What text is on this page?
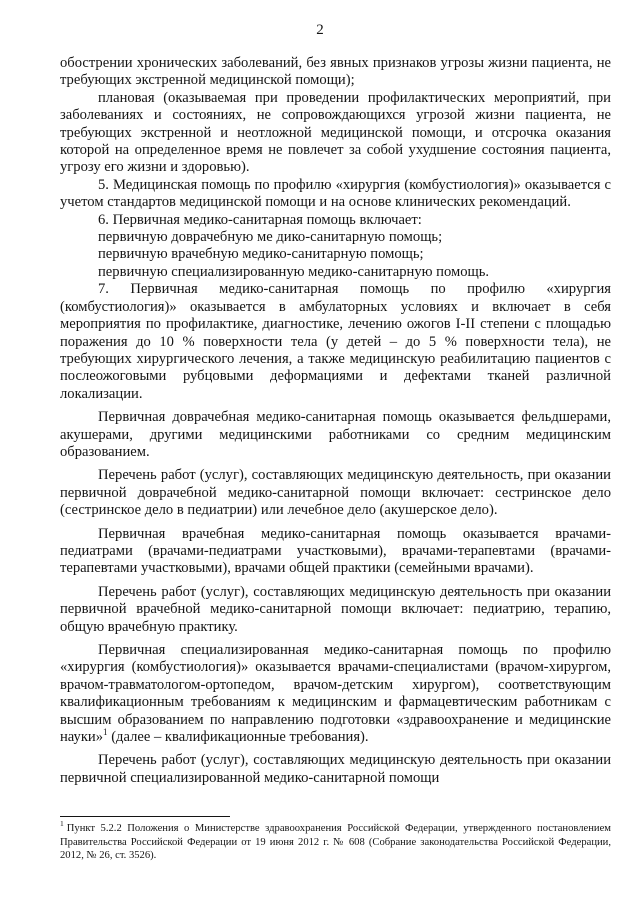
2

обострении хронических заболеваний, без явных признаков угрозы жизни пациента, не требующих экстренной медицинской помощи);

плановая (оказываемая при проведении профилактических мероприятий, при заболеваниях и состояниях, не сопровождающихся угрозой жизни пациента, не требующих экстренной и неотложной медицинской помощи, и отсрочка оказания которой на определенное время не повлечет за собой ухудшение состояния пациента, угрозу его жизни и здоровью).

5. Медицинская помощь по профилю «хирургия (комбустиология)» оказывается с учетом стандартов медицинской помощи и на основе клинических рекомендаций.

6. Первичная медико-санитарная помощь включает:

первичную доврачебную ме дико-санитарную помощь;

первичную врачебную медико-санитарную помощь;

первичную специализированную медико-санитарную помощь.

7. Первичная медико-санитарная помощь по профилю «хирургия (комбустиология)» оказывается в амбулаторных условиях и включает в себя мероприятия по профилактике, диагностике, лечению ожогов I-II степени с площадью поражения до 10 % поверхности тела (у детей – до 5 % поверхности тела), не требующих хирургического лечения, а также медицинскую реабилитацию пациентов с послеожоговыми рубцовыми деформациями и дефектами тканей различной локализации.

Первичная доврачебная медико-санитарная помощь оказывается фельдшерами, акушерами, другими медицинскими работниками со средним медицинским образованием.

Перечень работ (услуг), составляющих медицинскую деятельность, при оказании первичной доврачебной медико-санитарной помощи включает: сестринское дело (сестринское дело в педиатрии) или лечебное дело (акушерское дело).

Первичная врачебная медико-санитарная помощь оказывается врачами-педиатрами (врачами-педиатрами участковыми), врачами-терапевтами (врачами-терапевтами участковыми), врачами общей практики (семейными врачами).

Перечень работ (услуг), составляющих медицинскую деятельность при оказании первичной врачебной медико-санитарной помощи включает: педиатрию, терапию, общую врачебную практику.

Первичная специализированная медико-санитарная помощь по профилю «хирургия (комбустиология)» оказывается врачами-специалистами (врачом-хирургом, врачом-травматологом-ортопедом, врачом-детским хирургом), соответствующим квалификационным требованиям к медицинским и фармацевтическим работникам с высшим образованием по направлению подготовки «здравоохранение и медицинские науки»$^1$ (далее – квалификационные требования).

Перечень работ (услуг), составляющих медицинскую деятельность при оказании первичной специализированной медико-санитарной помощи

$^1$ Пункт 5.2.2 Положения о Министерстве здравоохранения Российской Федерации, утвержденного постановлением Правительства Российской Федерации от 19 июня 2012 г. № 608 (Собрание законодательства Российской Федерации, 2012, № 26, ст. 3526).
